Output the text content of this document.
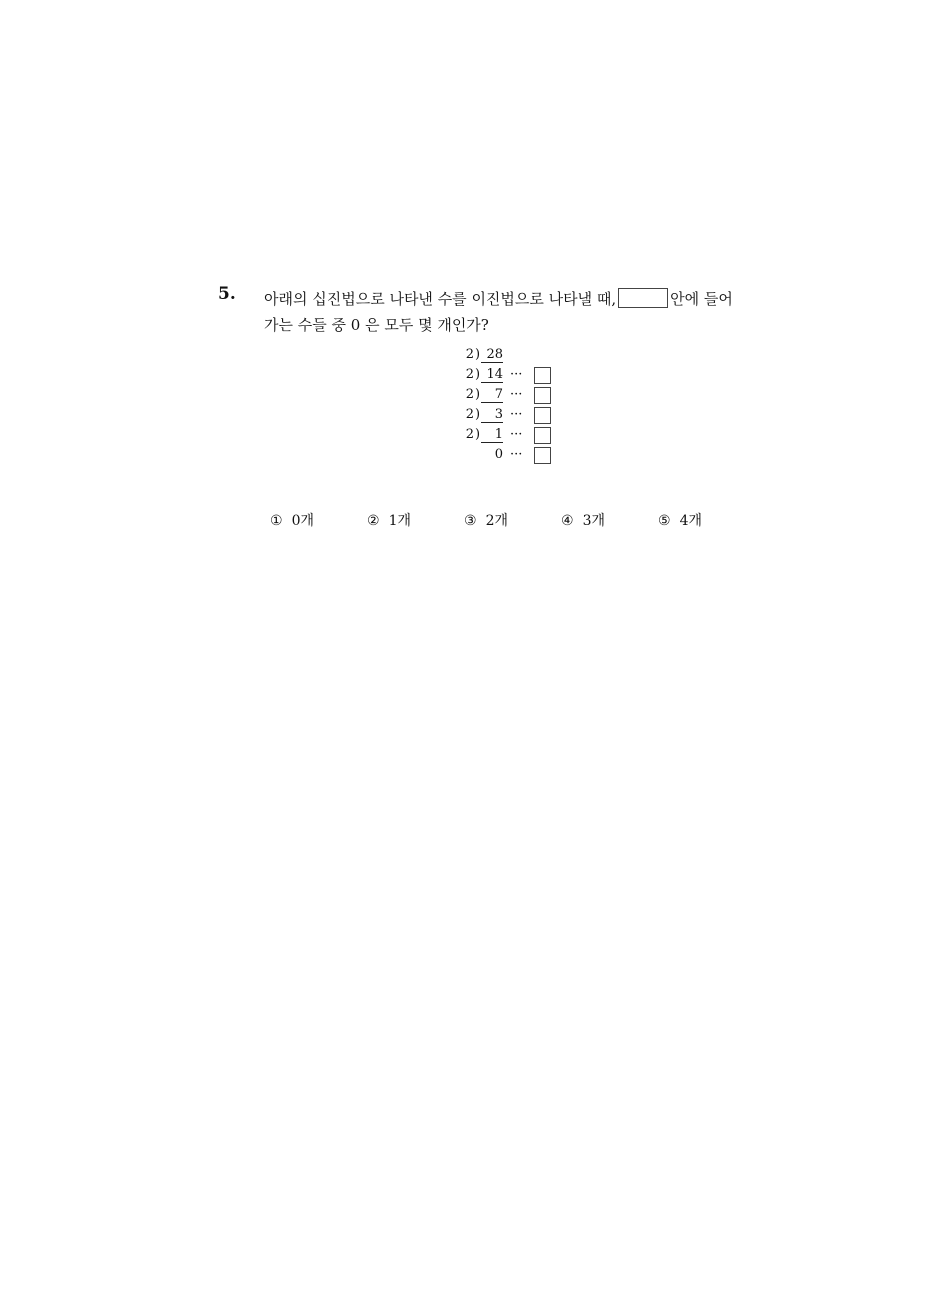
5. 아래의 십진법으로 나타낸 수를 이진법으로 나타낼 때,	안에 들어
가는 수들 중 0 은 모두 몇 개인가?
2 ) 28
2 ) 14 ···
2 )	7 ···
2 )	3 ···
2 )	1 ···
0 ···
① 0개	② 1개	③ 2개	④ 3개	⑤ 4개
